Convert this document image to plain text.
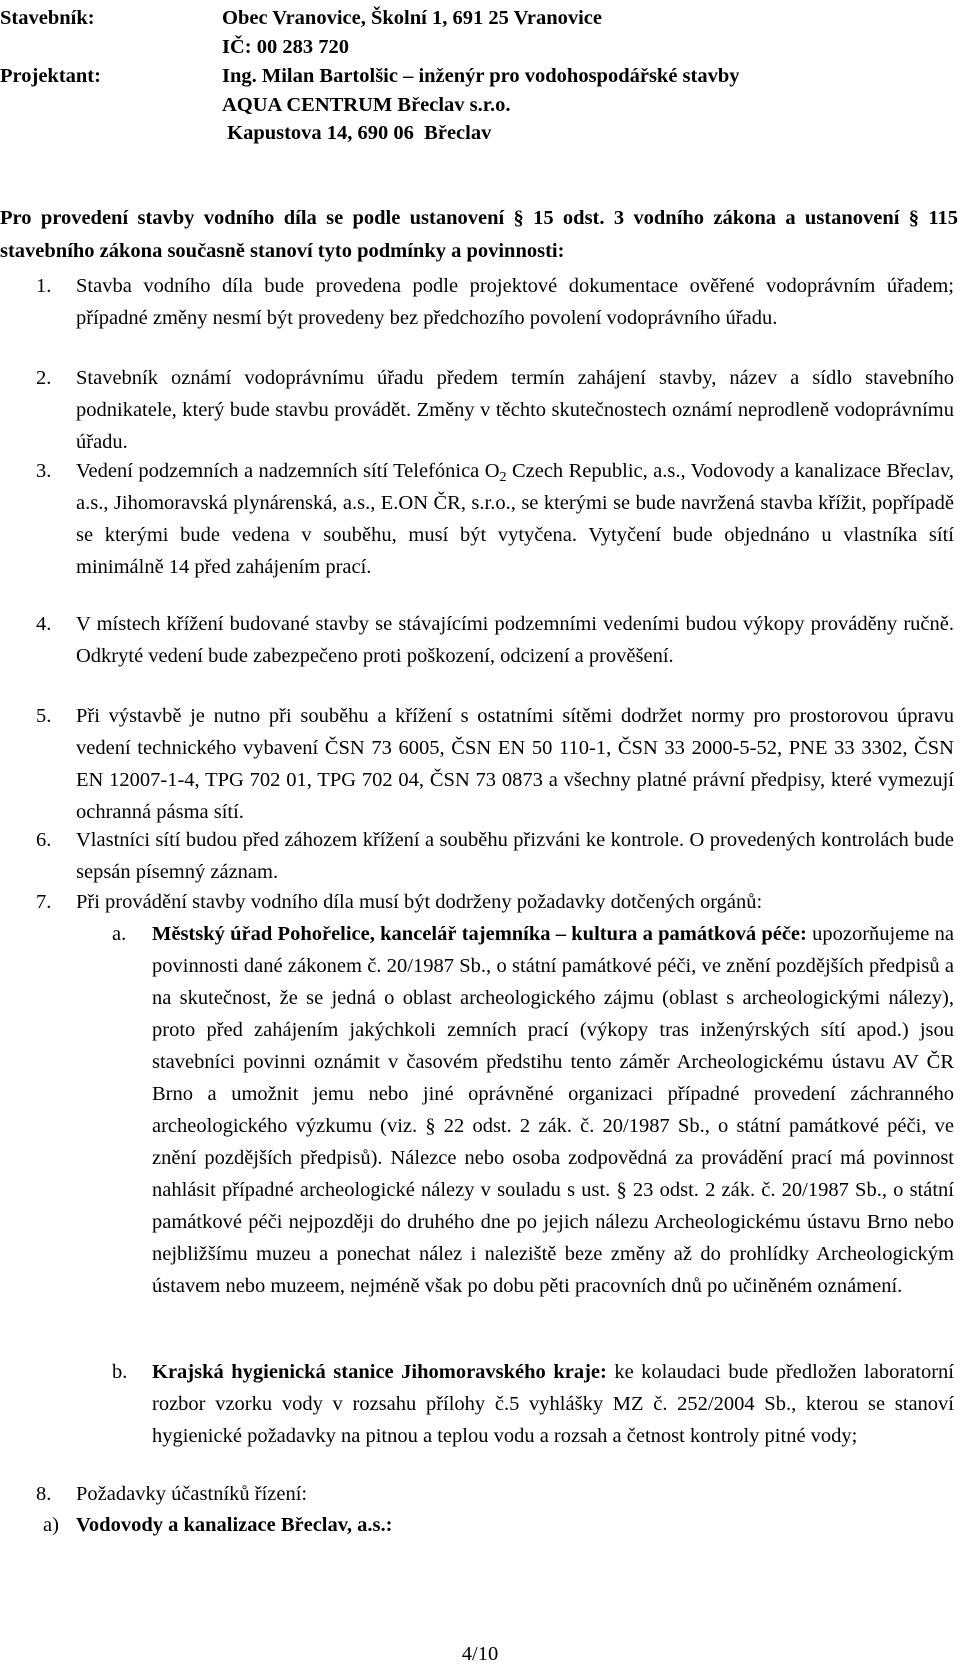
Stavebník:	Obec Vranovice, Školní 1, 691 25 Vranovice
IČ: 00 283 720
Projektant:	Ing. Milan Bartolšic – inženýr pro vodohospodářské stavby
AQUA CENTRUM Břeclav s.r.o.
Kapustova 14, 690 06  Břeclav
Pro provedení stavby vodního díla se podle ustanovení § 15 odst. 3 vodního zákona a ustanovení § 115 stavebního zákona současně stanoví tyto podmínky a povinnosti:
1. Stavba vodního díla bude provedena podle projektové dokumentace ověřené vodoprávním úřadem; případné změny nesmí být provedeny bez předchozího povolení vodoprávního úřadu.
2. Stavebník oznámí vodoprávnímu úřadu předem termín zahájení stavby, název a sídlo stavebního podnikatele, který bude stavbu provádět. Změny v těchto skutečnostech oznámí neprodleně vodoprávnímu úřadu.
3. Vedení podzemních a nadzemních sítí Telefónica $O_2$ Czech Republic, a.s., Vodovody a kanalizace Břeclav, a.s., Jihomoravská plynárenská, a.s., E.ON ČR, s.r.o., se kterými se bude navržená stavba křížit, popřípadě se kterými bude vedena v souběhu, musí být vytyčena. Vytyčení bude objednáno u vlastníka sítí minimálně 14 před zahájením prací.
4. V místech křížení budované stavby se stávajícími podzemními vedeními budou výkopy prováděny ručně. Odkryté vedení bude zabezpečeno proti poškození, odcizení a prověšení.
5. Při výstavbě je nutno při souběhu a křížení s ostatními sítěmi dodržet normy pro prostorovou úpravu vedení technického vybavení ČSN 73 6005, ČSN EN 50 110-1, ČSN 33 2000-5-52, PNE 33 3302, ČSN EN 12007-1-4, TPG 702 01, TPG 702 04, ČSN 73 0873 a všechny platné právní předpisy, které vymezují ochranná pásma sítí.
6. Vlastníci sítí budou před záhozem křížení a souběhu přizváni ke kontrole. O provedených kontrolách bude sepsán písemný záznam.
7. Při provádění stavby vodního díla musí být dodrženy požadavky dotčených orgánů:
a. Městský úřad Pohořelice, kancelář tajemníka – kultura a památková péče: upozorňujeme na povinnosti dané zákonem č. 20/1987 Sb., o státní památkové péči, ve znění pozdějších předpisů a na skutečnost, že se jedná o oblast archeologického zájmu (oblast s archeologickými nálezy), proto před zahájením jakýchkoli zemních prací (výkopy tras inženýrských sítí apod.) jsou stavebníci povinni oznámit v časovém předstihu tento záměr Archeologickému ústavu AV ČR Brno a umožnit jemu nebo jiné oprávněné organizaci případné provedení záchranného archeologického výzkumu (viz. § 22 odst. 2 zák. č. 20/1987 Sb., o státní památkové péči, ve znění pozdějších předpisů). Nálezce nebo osoba zodpovědná za provádění prací má povinnost nahlásit případné archeologické nálezy v souladu s ust. § 23 odst. 2 zák. č. 20/1987 Sb., o státní památkové péči nejpozději do druhého dne po jejich nálezu Archeologickému ústavu Brno nebo nejbližšímu muzeu a ponechat nález i naleziště beze změny až do prohlídky Archeologickým ústavem nebo muzeem, nejméně však po dobu pěti pracovních dnů po učiněném oznámení.
b. Krajská hygienická stanice Jihomoravského kraje: ke kolaudaci bude předložen laboratorní rozbor vzorku vody v rozsahu přílohy č.5 vyhlášky MZ č. 252/2004 Sb., kterou se stanoví hygienické požadavky na pitnou a teplou vodu a rozsah a četnost kontroly pitné vody;
8. Požadavky účastníků řízení:
a) Vodovody a kanalizace Břeclav, a.s.:
4/10
